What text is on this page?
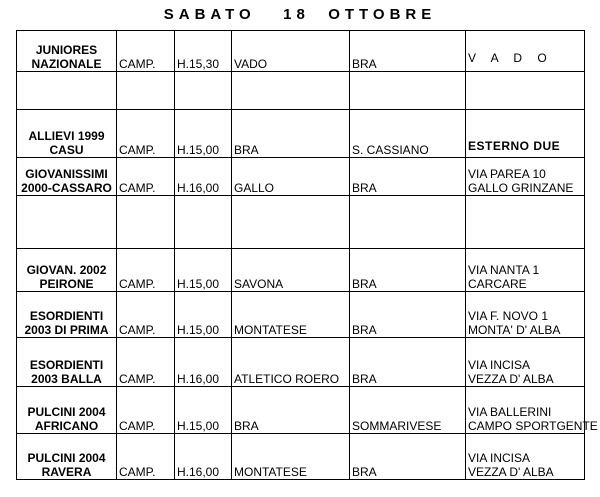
SABATO   18  OTTOBRE
JUNIORES
NAZIONALE	CAMP.	H.15,30	VADO	BRA	V A D O

ALLIEVI 1999
CASU	CAMP.	H.15,00	BRA	S. CASSIANO	ESTERNO DUE

GIOVANISSIMI
2000-CASSARO	CAMP.	H.16,00	GALLO	BRA	VIA PAREA 10
GALLO GRINZANE

GIOVAN. 2002
PEIRONE	CAMP.	H.15,00	SAVONA	BRA	VIA NANTA 1
CARCARE

ESORDIENTI
2003 DI PRIMA	CAMP.	H.15,00	MONTATESE	BRA	VIA F. NOVO 1
MONTA' D' ALBA

ESORDIENTI
2003 BALLA	CAMP.	H.16,00	ATLETICO ROERO	BRA	VIA INCISA
VEZZA D' ALBA

PULCINI 2004
AFRICANO	CAMP.	H.15,00	BRA	SOMMARIVESE	VIA BALLERINI
CAMPO SPORTGENTE

PULCINI 2004
RAVERA	CAMP.	H.16,00	MONTATESE	BRA	VIA INCISA
VEZZA D' ALBA
